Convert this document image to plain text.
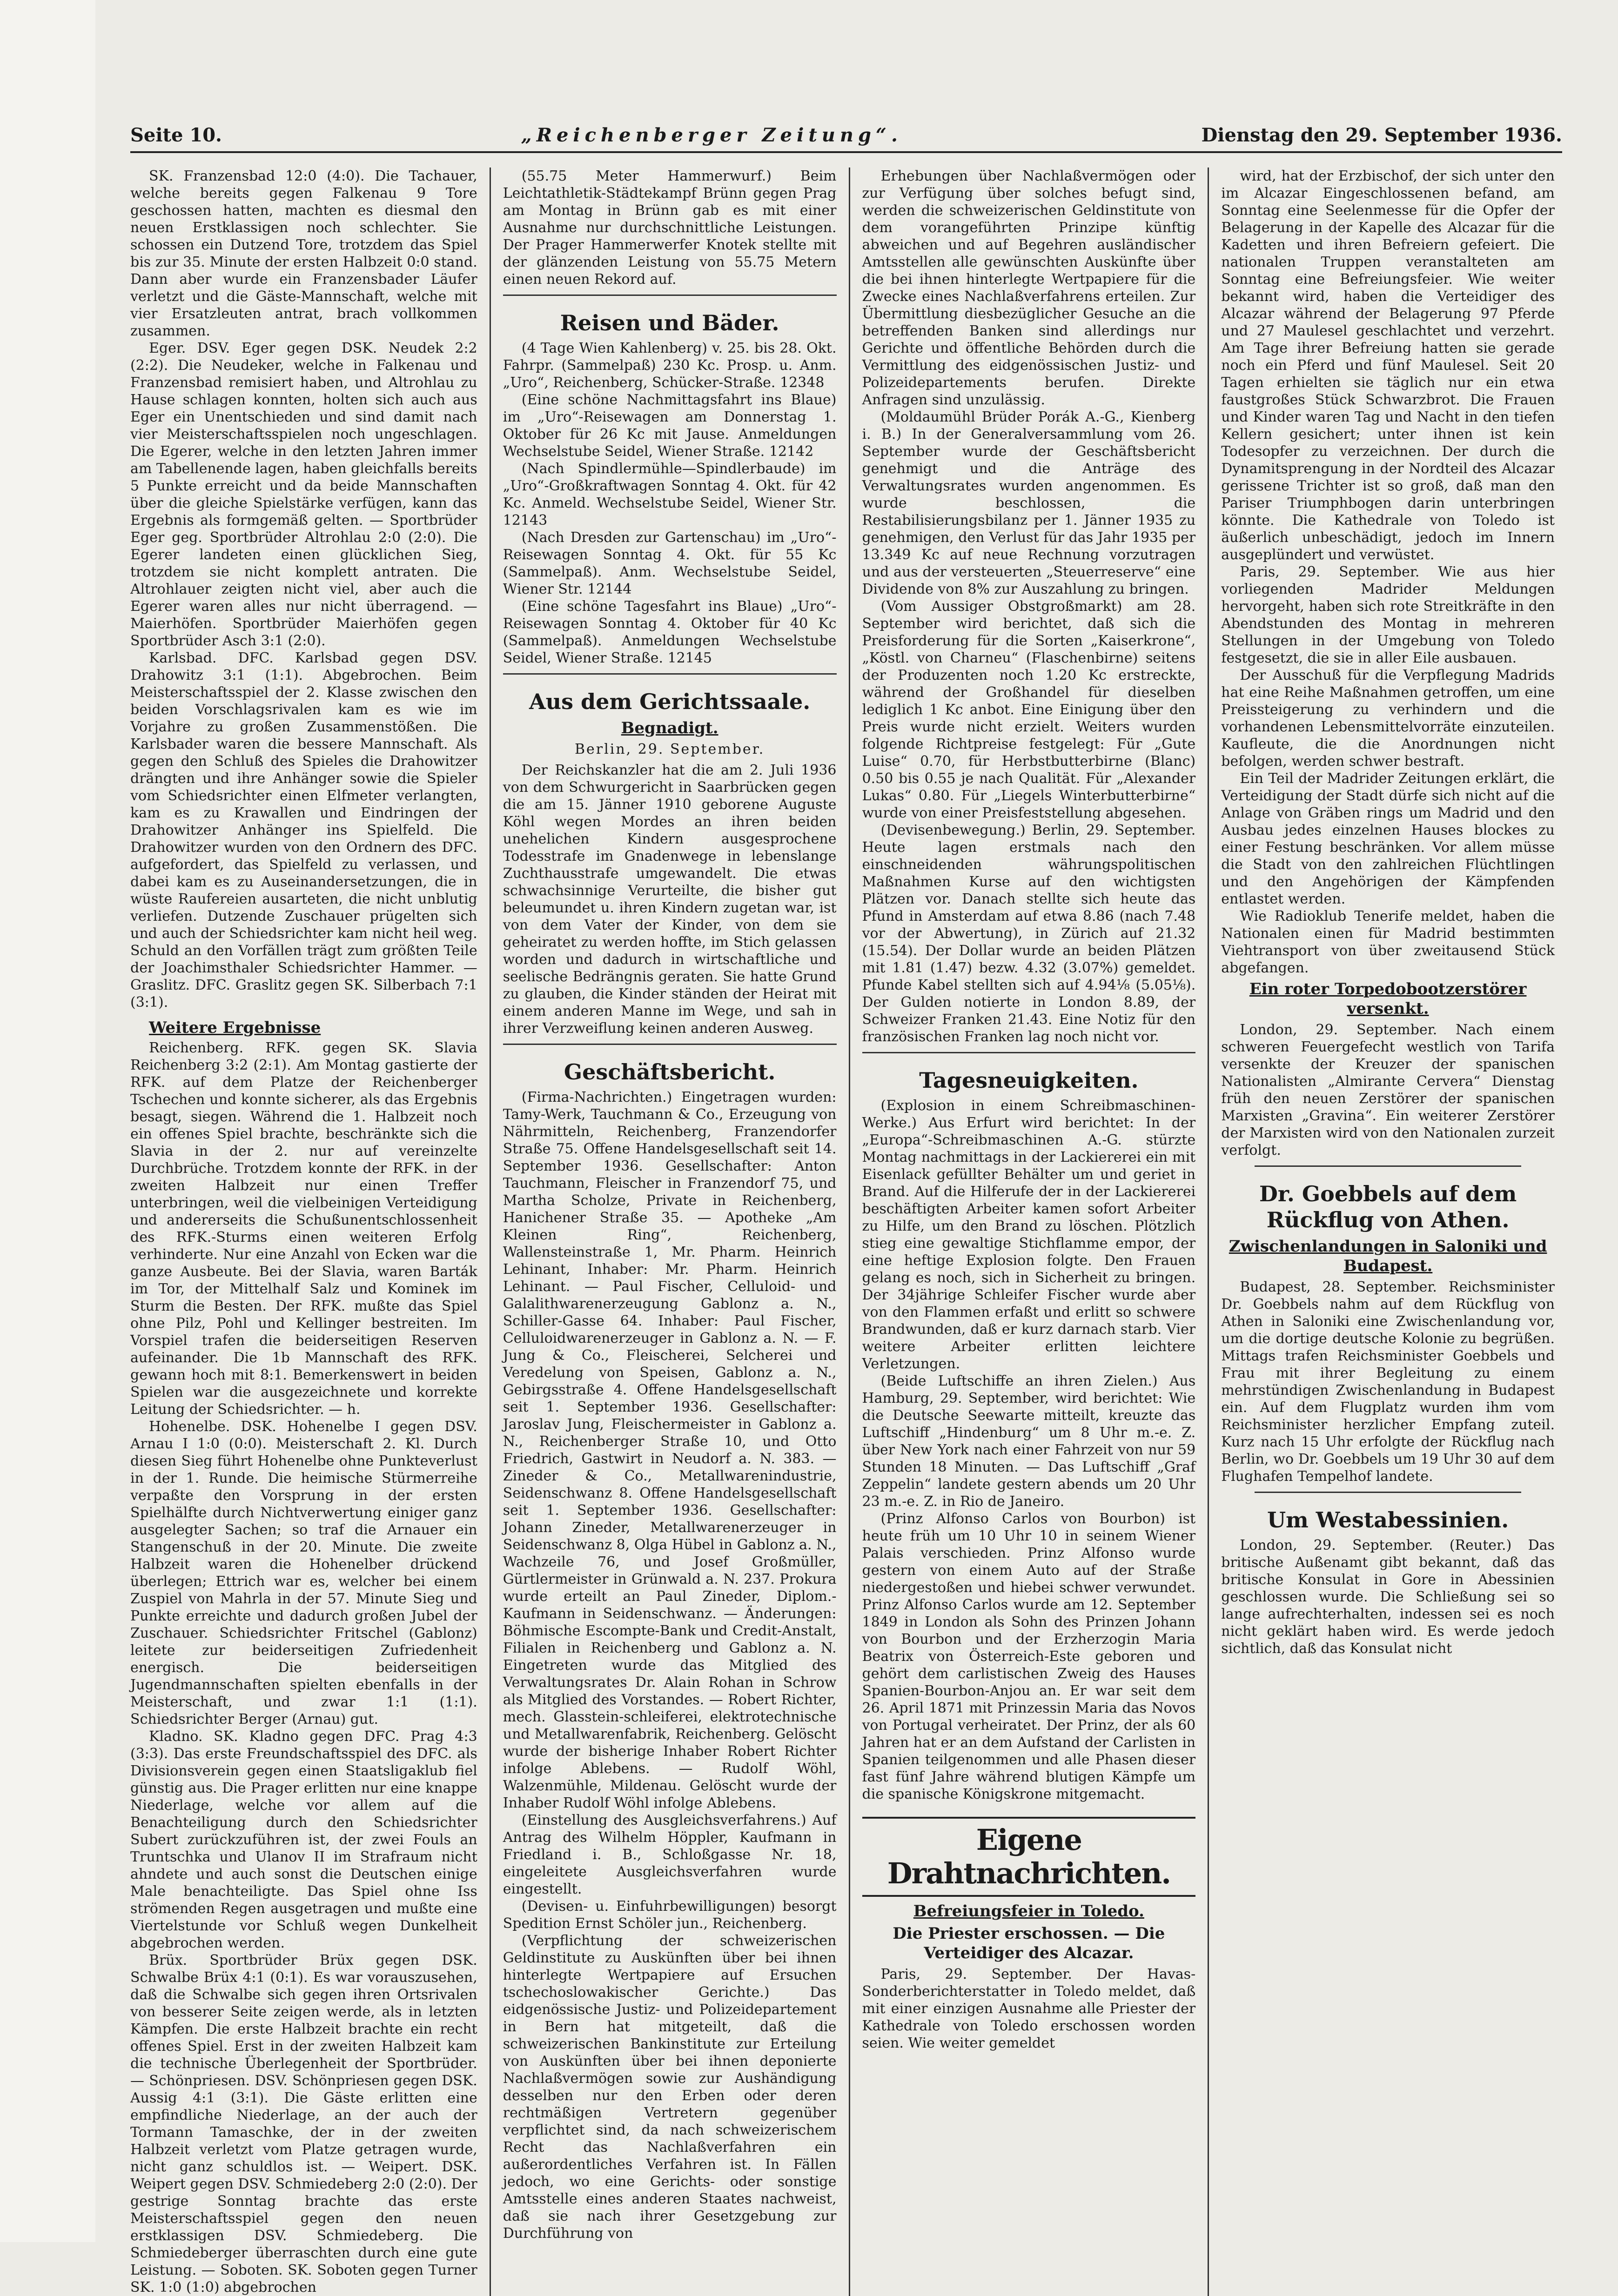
Seite 10.	„Reichenberger Zeitung“.	Dienstag den 29. September 1936.

SK. Franzensbad 12:0 (4:0). Die Tachauer, welche bereits gegen Falkenau 9 Tore geschossen hatten, machten es diesmal den neuen Erstklassigen noch schlechter. Sie schossen ein Dutzend Tore, trotzdem das Spiel bis zur 35. Minute der ersten Halbzeit 0:0 stand. Dann aber wurde ein Franzensbader Läufer verletzt und die Gäste-Mannschaft, welche mit vier Ersatzleuten antrat, brach vollkommen zusammen.

Eger. DSV. Eger gegen DSK. Neudek 2:2 (2:2). Die Neudeker, welche in Falkenau und Franzensbad remisiert haben, und Altrohlau zu Hause schlagen konnten, holten sich auch aus Eger ein Unentschieden und sind damit nach vier Meisterschaftsspielen noch ungeschlagen. Die Egerer, welche in den letzten Jahren immer am Tabellenende lagen, haben gleichfalls bereits 5 Punkte erreicht und da beide Mannschaften über die gleiche Spielstärke verfügen, kann das Ergebnis als formgemäß gelten. — Sportbrüder Eger geg. Sportbrüder Altrohlau 2:0 (2:0). Die Egerer landeten einen glücklichen Sieg, trotzdem sie nicht komplett antraten. Die Altrohlauer zeigten nicht viel, aber auch die Egerer waren alles nur nicht überragend. — Maierhöfen. Sportbrüder Maierhöfen gegen Sportbrüder Asch 3:1 (2:0).

Karlsbad. DFC. Karlsbad gegen DSV. Drahowitz 3:1 (1:1). Abgebrochen. Beim Meisterschaftsspiel der 2. Klasse zwischen den beiden Vorschlagsrivalen kam es wie im Vorjahre zu großen Zusammenstößen. Die Karlsbader waren die bessere Mannschaft. Als gegen den Schluß des Spieles die Drahowitzer drängten und ihre Anhänger sowie die Spieler vom Schiedsrichter einen Elfmeter verlangten, kam es zu Krawallen und Eindringen der Drahowitzer Anhänger ins Spielfeld. Die Drahowitzer wurden von den Ordnern des DFC. aufgefordert, das Spielfeld zu verlassen, und dabei kam es zu Auseinandersetzungen, die in wüste Raufereien ausarteten, die nicht unblutig verliefen. Dutzende Zuschauer prügelten sich und auch der Schiedsrichter kam nicht heil weg. Schuld an den Vorfällen trägt zum größten Teile der Joachimsthaler Schiedsrichter Hammer. — Graslitz. DFC. Graslitz gegen SK. Silberbach 7:1 (3:1).

Weitere Ergebnisse

Reichenberg. RFK. gegen SK. Slavia Reichenberg 3:2 (2:1). Am Montag gastierte der RFK. auf dem Platze der Reichenberger Tschechen und konnte sicherer, als das Ergebnis besagt, siegen. Während die 1. Halbzeit noch ein offenes Spiel brachte, beschränkte sich die Slavia in der 2. nur auf vereinzelte Durchbrüche. Trotzdem konnte der RFK. in der zweiten Halbzeit nur einen Treffer unterbringen, weil die vielbeinigen Verteidigung und andererseits die Schußunentschlossenheit des RFK.-Sturms einen weiteren Erfolg verhinderte. Nur eine Anzahl von Ecken war die ganze Ausbeute. Bei der Slavia, waren Barták im Tor, der Mittelhalf Salz und Kominek im Sturm die Besten. Der RFK. mußte das Spiel ohne Pilz, Pohl und Kellinger bestreiten. Im Vorspiel trafen die beiderseitigen Reserven aufeinander. Die 1b Mannschaft des RFK. gewann hoch mit 8:1. Bemerkenswert in beiden Spielen war die ausgezeichnete und korrekte Leitung der Schiedsrichter. — h.

Hohenelbe. DSK. Hohenelbe I gegen DSV. Arnau I 1:0 (0:0). Meisterschaft 2. Kl. Durch diesen Sieg führt Hohenelbe ohne Punkteverlust in der 1. Runde. Die heimische Stürmerreihe verpaßte den Vorsprung in der ersten Spielhälfte durch Nichtverwertung einiger ganz ausgelegter Sachen; so traf die Arnauer ein Stangenschuß in der 20. Minute. Die zweite Halbzeit waren die Hohenelber drückend überlegen; Ettrich war es, welcher bei einem Zuspiel von Mahrla in der 57. Minute Sieg und Punkte erreichte und dadurch großen Jubel der Zuschauer. Schiedsrichter Fritschel (Gablonz) leitete zur beiderseitigen Zufriedenheit energisch. Die beiderseitigen Jugendmannschaften spielten ebenfalls in der Meisterschaft, und zwar 1:1 (1:1). Schiedsrichter Berger (Arnau) gut.

Kladno. SK. Kladno gegen DFC. Prag 4:3 (3:3). Das erste Freundschaftsspiel des DFC. als Divisionsverein gegen einen Staatsligaklub fiel günstig aus. Die Prager erlitten nur eine knappe Niederlage, welche vor allem auf die Benachteiligung durch den Schiedsrichter Subert zurückzuführen ist, der zwei Fouls an Truntschka und Ulanov II im Strafraum nicht ahndete und auch sonst die Deutschen einige Male benachteiligte. Das Spiel ohne Iss strömenden Regen ausgetragen und mußte eine Viertelstunde vor Schluß wegen Dunkelheit abgebrochen werden.

Brüx. Sportbrüder Brüx gegen DSK. Schwalbe Brüx 4:1 (0:1). Es war vorauszusehen, daß die Schwalbe sich gegen ihren Ortsrivalen von besserer Seite zeigen werde, als in letzten Kämpfen. Die erste Halbzeit brachte ein recht offenes Spiel. Erst in der zweiten Halbzeit kam die technische Überlegenheit der Sportbrüder. — Schönpriesen. DSV. Schönpriesen gegen DSK. Aussig 4:1 (3:1). Die Gäste erlitten eine empfindliche Niederlage, an der auch der Tormann Tamaschke, der in der zweiten Halbzeit verletzt vom Platze getragen wurde, nicht ganz schuldlos ist. — Weipert. DSK. Weipert gegen DSV. Schmiedeberg 2:0 (2:0). Der gestrige Sonntag brachte das erste Meisterschaftsspiel gegen den neuen erstklassigen DSV. Schmiedeberg. Die Schmiedeberger überraschten durch eine gute Leistung. — Soboten. SK. Soboten gegen Turner SK. 1:0 (1:0) abgebrochen

(55.75 Meter Hammerwurf.) Beim Leichtathletik-Städtekampf Brünn gegen Prag am Montag in Brünn gab es mit einer Ausnahme nur durchschnittliche Leistungen. Der Prager Hammerwerfer Knotek stellte mit der glänzenden Leistung von 55.75 Metern einen neuen Rekord auf.

Reisen und Bäder.

(4 Tage Wien Kahlenberg) v. 25. bis 28. Okt. Fahrpr. (Sammelpaß) 230 Kc. Prosp. u. Anm. „Uro“, Reichenberg, Schücker-Straße. 12348

(Eine schöne Nachmittagsfahrt ins Blaue) im „Uro“-Reisewagen am Donnerstag 1. Oktober für 26 Kc mit Jause. Anmeldungen Wechselstube Seidel, Wiener Straße. 12142

(Nach Spindlermühle—Spindlerbaude) im „Uro“-Großkraftwagen Sonntag 4. Okt. für 42 Kc. Anmeld. Wechselstube Seidel, Wiener Str. 12143

(Nach Dresden zur Gartenschau) im „Uro“-Reisewagen Sonntag 4. Okt. für 55 Kc (Sammelpaß). Anm. Wechselstube Seidel, Wiener Str. 12144

(Eine schöne Tagesfahrt ins Blaue) „Uro“-Reisewagen Sonntag 4. Oktober für 40 Kc (Sammelpaß). Anmeldungen Wechselstube Seidel, Wiener Straße. 12145

Aus dem Gerichtssaale.
Begnadigt.
Berlin, 29. September.

Der Reichskanzler hat die am 2. Juli 1936 von dem Schwurgericht in Saarbrücken gegen die am 15. Jänner 1910 geborene Auguste Köhl wegen Mordes an ihren beiden unehelichen Kindern ausgesprochene Todesstrafe im Gnadenwege in lebenslange Zuchthausstrafe umgewandelt. Die etwas schwachsinnige Verurteilte, die bisher gut beleumundet u. ihren Kindern zugetan war, ist von dem Vater der Kinder, von dem sie geheiratet zu werden hoffte, im Stich gelassen worden und dadurch in wirtschaftliche und seelische Bedrängnis geraten. Sie hatte Grund zu glauben, die Kinder ständen der Heirat mit einem anderen Manne im Wege, und sah in ihrer Verzweiflung keinen anderen Ausweg.

Geschäftsbericht.

(Firma-Nachrichten.) Eingetragen wurden: Tamy-Werk, Tauchmann & Co., Erzeugung von Nährmitteln, Reichenberg, Franzendorfer Straße 75. Offene Handelsgesellschaft seit 14. September 1936. Gesellschafter: Anton Tauchmann, Fleischer in Franzendorf 75, und Martha Scholze, Private in Reichenberg, Hanichener Straße 35. — Apotheke „Am Kleinen Ring“, Reichenberg, Wallensteinstraße 1, Mr. Pharm. Heinrich Lehinant, Inhaber: Mr. Pharm. Heinrich Lehinant. — Paul Fischer, Celluloid- und Galalithwarenerzeugung Gablonz a. N., Schiller-Gasse 64. Inhaber: Paul Fischer, Celluloidwarenerzeuger in Gablonz a. N. — F. Jung & Co., Fleischerei, Selcherei und Veredelung von Speisen, Gablonz a. N., Gebirgsstraße 4. Offene Handelsgesellschaft seit 1. September 1936. Gesellschafter: Jaroslav Jung, Fleischermeister in Gablonz a. N., Reichenberger Straße 10, und Otto Friedrich, Gastwirt in Neudorf a. N. 383. — Zineder & Co., Metallwarenindustrie, Seidenschwanz 8. Offene Handelsgesellschaft seit 1. September 1936. Gesellschafter: Johann Zineder, Metallwarenerzeuger in Seidenschwanz 8, Olga Hübel in Gablonz a. N., Wachzeile 76, und Josef Großmüller, Gürtlermeister in Grünwald a. N. 237. Prokura wurde erteilt an Paul Zineder, Diplom.-Kaufmann in Seidenschwanz. — Änderungen: Böhmische Escompte-Bank und Credit-Anstalt, Filialen in Reichenberg und Gablonz a. N. Eingetreten wurde das Mitglied des Verwaltungsrates Dr. Alain Rohan in Schrow als Mitglied des Vorstandes. — Robert Richter, mech. Glasstein-schleiferei, elektrotechnische und Metallwarenfabrik, Reichenberg. Gelöscht wurde der bisherige Inhaber Robert Richter infolge Ablebens. — Rudolf Wöhl, Walzenmühle, Mildenau. Gelöscht wurde der Inhaber Rudolf Wöhl infolge Ablebens.

(Einstellung des Ausgleichsverfahrens.) Auf Antrag des Wilhelm Höppler, Kaufmann in Friedland i. B., Schloßgasse Nr. 18, eingeleitete Ausgleichsverfahren wurde eingestellt.

(Devisen- u. Einfuhrbewilligungen) besorgt Spedition Ernst Schöler jun., Reichenberg.

(Verpflichtung der schweizerischen Geldinstitute zu Auskünften über bei ihnen hinterlegte Wertpapiere auf Ersuchen tschechoslowakischer Gerichte.) Das eidgenössische Justiz- und Polizeidepartement in Bern hat mitgeteilt, daß die schweizerischen Bankinstitute zur Erteilung von Auskünften über bei ihnen deponierte Nachlaßvermögen sowie zur Aushändigung desselben nur den Erben oder deren rechtmäßigen Vertretern gegenüber verpflichtet sind, da nach schweizerischem Recht das Nachlaßverfahren ein außerordentliches Verfahren ist. In Fällen jedoch, wo eine Gerichts- oder sonstige Amtsstelle eines anderen Staates nachweist, daß sie nach ihrer Gesetzgebung zur Durchführung von

Erhebungen über Nachlaßvermögen oder zur Verfügung über solches befugt sind, werden die schweizerischen Geldinstitute von dem vorangeführten Prinzipe künftig abweichen und auf Begehren ausländischer Amtsstellen alle gewünschten Auskünfte über die bei ihnen hinterlegte Wertpapiere für die Zwecke eines Nachlaßverfahrens erteilen. Zur Übermittlung diesbezüglicher Gesuche an die betreffenden Banken sind allerdings nur Gerichte und öffentliche Behörden durch die Vermittlung des eidgenössischen Justiz- und Polizeidepartements berufen. Direkte Anfragen sind unzulässig.

(Moldaumühl Brüder Porák A.-G., Kienberg i. B.) In der Generalversammlung vom 26. September wurde der Geschäftsbericht genehmigt und die Anträge des Verwaltungsrates wurden angenommen. Es wurde beschlossen, die Restabilisierungsbilanz per 1. Jänner 1935 zu genehmigen, den Verlust für das Jahr 1935 per 13.349 Kc auf neue Rechnung vorzutragen und aus der versteuerten „Steuerreserve“ eine Dividende von 8% zur Auszahlung zu bringen.

(Vom Aussiger Obstgroßmarkt) am 28. September wird berichtet, daß sich die Preisforderung für die Sorten „Kaiserkrone“, „Köstl. von Charneu“ (Flaschenbirne) seitens der Produzenten noch 1.20 Kc erstreckte, während der Großhandel für dieselben lediglich 1 Kc anbot. Eine Einigung über den Preis wurde nicht erzielt. Weiters wurden folgende Richtpreise festgelegt: Für „Gute Luise“ 0.70, für Herbstbutterbirne (Blanc) 0.50 bis 0.55 je nach Qualität. Für „Alexander Lukas“ 0.80. Für „Liegels Winterbutterbirne“ wurde von einer Preisfeststellung abgesehen.

(Devisenbewegung.) Berlin, 29. September. Heute lagen erstmals nach den einschneidenden währungspolitischen Maßnahmen Kurse auf den wichtigsten Plätzen vor. Danach stellte sich heute das Pfund in Amsterdam auf etwa 8.86 (nach 7.48 vor der Abwertung), in Zürich auf 21.32 (15.54). Der Dollar wurde an beiden Plätzen mit 1.81 (1.47) bezw. 4.32 (3.07%) gemeldet. Pfunde Kabel stellten sich auf 4.94⅛ (5.05⅛). Der Gulden notierte in London 8.89, der Schweizer Franken 21.43. Eine Notiz für den französischen Franken lag noch nicht vor.

Tagesneuigkeiten.

(Explosion in einem Schreibmaschinen-Werke.) Aus Erfurt wird berichtet: In der „Europa“-Schreibmaschinen A.-G. stürzte Montag nachmittags in der Lackiererei ein mit Eisenlack gefüllter Behälter um und geriet in Brand. Auf die Hilferufe der in der Lackiererei beschäftigten Arbeiter kamen sofort Arbeiter zu Hilfe, um den Brand zu löschen. Plötzlich stieg eine gewaltige Stichflamme empor, der eine heftige Explosion folgte. Den Frauen gelang es noch, sich in Sicherheit zu bringen. Der 34jährige Schleifer Fischer wurde aber von den Flammen erfaßt und erlitt so schwere Brandwunden, daß er kurz darnach starb. Vier weitere Arbeiter erlitten leichtere Verletzungen.

(Beide Luftschiffe an ihren Zielen.) Aus Hamburg, 29. September, wird berichtet: Wie die Deutsche Seewarte mitteilt, kreuzte das Luftschiff „Hindenburg“ um 8 Uhr m.-e. Z. über New York nach einer Fahrzeit von nur 59 Stunden 18 Minuten. — Das Luftschiff „Graf Zeppelin“ landete gestern abends um 20 Uhr 23 m.-e. Z. in Rio de Janeiro.

(Prinz Alfonso Carlos von Bourbon) ist heute früh um 10 Uhr 10 in seinem Wiener Palais verschieden. Prinz Alfonso wurde gestern von einem Auto auf der Straße niedergestoßen und hiebei schwer verwundet. Prinz Alfonso Carlos wurde am 12. September 1849 in London als Sohn des Prinzen Johann von Bourbon und der Erzherzogin Maria Beatrix von Österreich-Este geboren und gehört dem carlistischen Zweig des Hauses Spanien-Bourbon-Anjou an. Er war seit dem 26. April 1871 mit Prinzessin Maria das Novos von Portugal verheiratet. Der Prinz, der als 60 Jahren hat er an dem Aufstand der Carlisten in Spanien teilgenommen und alle Phasen dieser fast fünf Jahre während blutigen Kämpfe um die spanische Königskrone mitgemacht.

Eigene Drahtnachrichten.
Befreiungsfeier in Toledo.
Die Priester erschossen. — Die Verteidiger des Alcazar.

Paris, 29. September. Der Havas-Sonderberichterstatter in Toledo meldet, daß mit einer einzigen Ausnahme alle Priester der Kathedrale von Toledo erschossen worden seien. Wie weiter gemeldet

wird, hat der Erzbischof, der sich unter den im Alcazar Eingeschlossenen befand, am Sonntag eine Seelenmesse für die Opfer der Belagerung in der Kapelle des Alcazar für die Kadetten und ihren Befreiern gefeiert. Die nationalen Truppen veranstalteten am Sonntag eine Befreiungsfeier. Wie weiter bekannt wird, haben die Verteidiger des Alcazar während der Belagerung 97 Pferde und 27 Maulesel geschlachtet und verzehrt. Am Tage ihrer Befreiung hatten sie gerade noch ein Pferd und fünf Maulesel. Seit 20 Tagen erhielten sie täglich nur ein etwa faustgroßes Stück Schwarzbrot. Die Frauen und Kinder waren Tag und Nacht in den tiefen Kellern gesichert; unter ihnen ist kein Todesopfer zu verzeichnen. Der durch die Dynamitsprengung in der Nordteil des Alcazar gerissene Trichter ist so groß, daß man den Pariser Triumphbogen darin unterbringen könnte. Die Kathedrale von Toledo ist äußerlich unbeschädigt, jedoch im Innern ausgeplündert und verwüstet.

Paris, 29. September. Wie aus hier vorliegenden Madrider Meldungen hervorgeht, haben sich rote Streitkräfte in den Abendstunden des Montag in mehreren Stellungen in der Umgebung von Toledo festgesetzt, die sie in aller Eile ausbauen.

Der Ausschuß für die Verpflegung Madrids hat eine Reihe Maßnahmen getroffen, um eine Preissteigerung zu verhindern und die vorhandenen Lebensmittelvorräte einzuteilen. Kaufleute, die die Anordnungen nicht befolgen, werden schwer bestraft.

Ein Teil der Madrider Zeitungen erklärt, die Verteidigung der Stadt dürfe sich nicht auf die Anlage von Gräben rings um Madrid und den Ausbau jedes einzelnen Hauses blockes zu einer Festung beschränken. Vor allem müsse die Stadt von den zahlreichen Flüchtlingen und den Angehörigen der Kämpfenden entlastet werden.

Wie Radioklub Tenerife meldet, haben die Nationalen einen für Madrid bestimmten Viehtransport von über zweitausend Stück abgefangen.

Ein roter Torpedobootzerstörer versenkt.

London, 29. September. Nach einem schweren Feuergefecht westlich von Tarifa versenkte der Kreuzer der spanischen Nationalisten „Almirante Cervera“ Dienstag früh den neuen Zerstörer der spanischen Marxisten „Gravina“. Ein weiterer Zerstörer der Marxisten wird von den Nationalen zurzeit verfolgt.

Dr. Goebbels auf dem Rückflug von Athen.
Zwischenlandungen in Saloniki und Budapest.

Budapest, 28. September. Reichsminister Dr. Goebbels nahm auf dem Rückflug von Athen in Saloniki eine Zwischenlandung vor, um die dortige deutsche Kolonie zu begrüßen. Mittags trafen Reichsminister Goebbels und Frau mit ihrer Begleitung zu einem mehrstündigen Zwischenlandung in Budapest ein. Auf dem Flugplatz wurden ihm vom Reichsminister herzlicher Empfang zuteil. Kurz nach 15 Uhr erfolgte der Rückflug nach Berlin, wo Dr. Goebbels um 19 Uhr 30 auf dem Flughafen Tempelhof landete.

Um Westabessinien.

London, 29. September. (Reuter.) Das britische Außenamt gibt bekannt, daß das britische Konsulat in Gore in Abessinien geschlossen wurde. Die Schließung sei so lange aufrechterhalten, indessen sei es noch nicht geklärt haben wird. Es werde jedoch sichtlich, daß das Konsulat nicht
